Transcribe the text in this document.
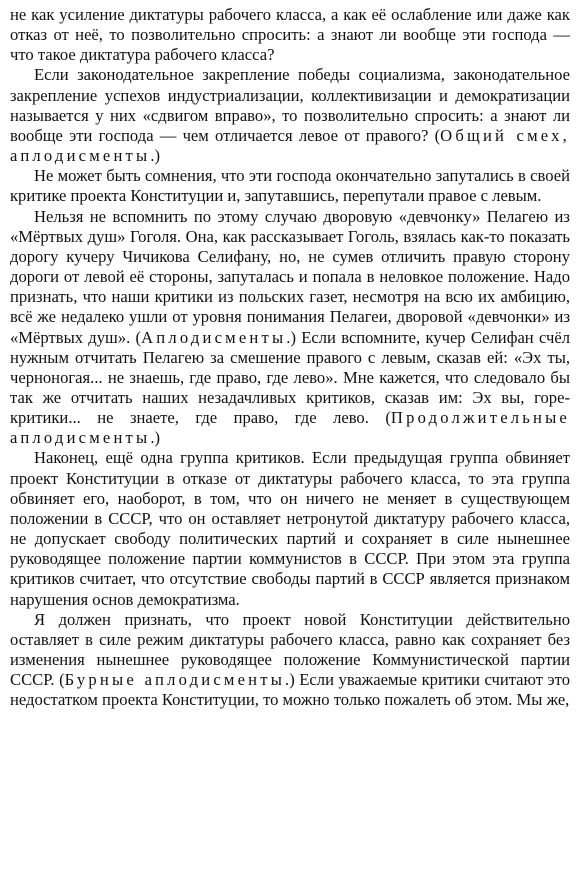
не как усиление диктатуры рабочего класса, а как её ослабление или даже как отказ от неё, то позволительно спросить: а знают ли вообще эти господа — что такое диктатура рабочего класса?

Если законодательное закрепление победы социализма, законодательное закрепление успехов индустриализации, коллективизации и демократизации называется у них «сдвигом вправо», то позволительно спросить: а знают ли вообще эти господа — чем отличается левое от правого? (Общий смех, аплодисменты.)

Не может быть сомнения, что эти господа окончательно запутались в своей критике проекта Конституции и, запутавшись, перепутали правое с левым.

Нельзя не вспомнить по этому случаю дворовую «девчонку» Пелагею из «Мёртвых душ» Гоголя. Она, как рассказывает Гоголь, взялась как-то показать дорогу кучеру Чичикова Селифану, но, не сумев отличить правую сторону дороги от левой её стороны, запуталась и попала в неловкое положение. Надо признать, что наши критики из польских газет, несмотря на всю их амбицию, всё же недалеко ушли от уровня понимания Пелагеи, дворовой «девчонки» из «Мёртвых душ». (Аплодисменты.) Если вспомните, кучер Селифан счёл нужным отчитать Пелагею за смешение правого с левым, сказав ей: «Эх ты, черноногая... не знаешь, где право, где лево». Мне кажется, что следовало бы так же отчитать наших незадачливых критиков, сказав им: Эх вы, горе-критики... не знаете, где право, где лево. (Продолжительные аплодисменты.)

Наконец, ещё одна группа критиков. Если предыдущая группа обвиняет проект Конституции в отказе от диктатуры рабочего класса, то эта группа обвиняет его, наоборот, в том, что он ничего не меняет в существующем положении в СССР, что он оставляет нетронутой диктатуру рабочего класса, не допускает свободу политических партий и сохраняет в силе нынешнее руководящее положение партии коммунистов в СССР. При этом эта группа критиков считает, что отсутствие свободы партий в СССР является признаком нарушения основ демократизма.

Я должен признать, что проект новой Конституции действительно оставляет в силе режим диктатуры рабочего класса, равно как сохраняет без изменения нынешнее руководящее положение Коммунистической партии СССР. (Бурные аплодисменты.) Если уважаемые критики считают это недостатком проекта Конституции, то можно только пожалеть об этом. Мы же,
